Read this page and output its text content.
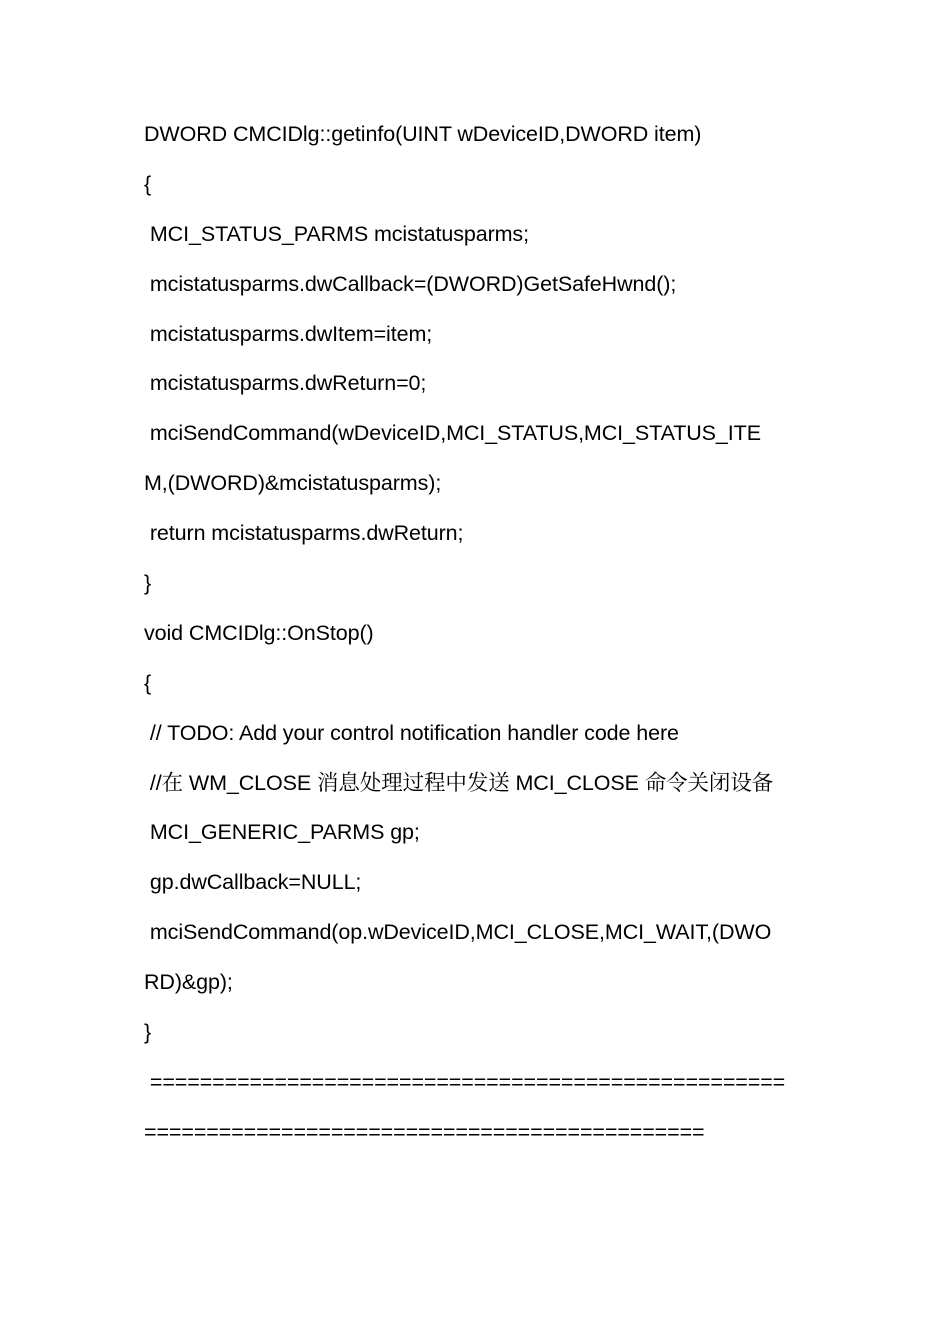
DWORD CMCIDlg::getinfo(UINT wDeviceID,DWORD item)
{
MCI_STATUS_PARMS mcistatusparms;
mcistatusparms.dwCallback=(DWORD)GetSafeHwnd();
mcistatusparms.dwItem=item;
mcistatusparms.dwReturn=0;
mciSendCommand(wDeviceID,MCI_STATUS,MCI_STATUS_ITE
M,(DWORD)&mcistatusparms);
return mcistatusparms.dwReturn;
}
void CMCIDlg::OnStop()
{
// TODO: Add your control notification handler code here
//在 WM_CLOSE 消息处理过程中发送 MCI_CLOSE 命令关闭设备
MCI_GENERIC_PARMS gp;
gp.dwCallback=NULL;
mciSendCommand(op.wDeviceID,MCI_CLOSE,MCI_WAIT,(DWO
RD)&gp);
}
===================================================
=============================================
